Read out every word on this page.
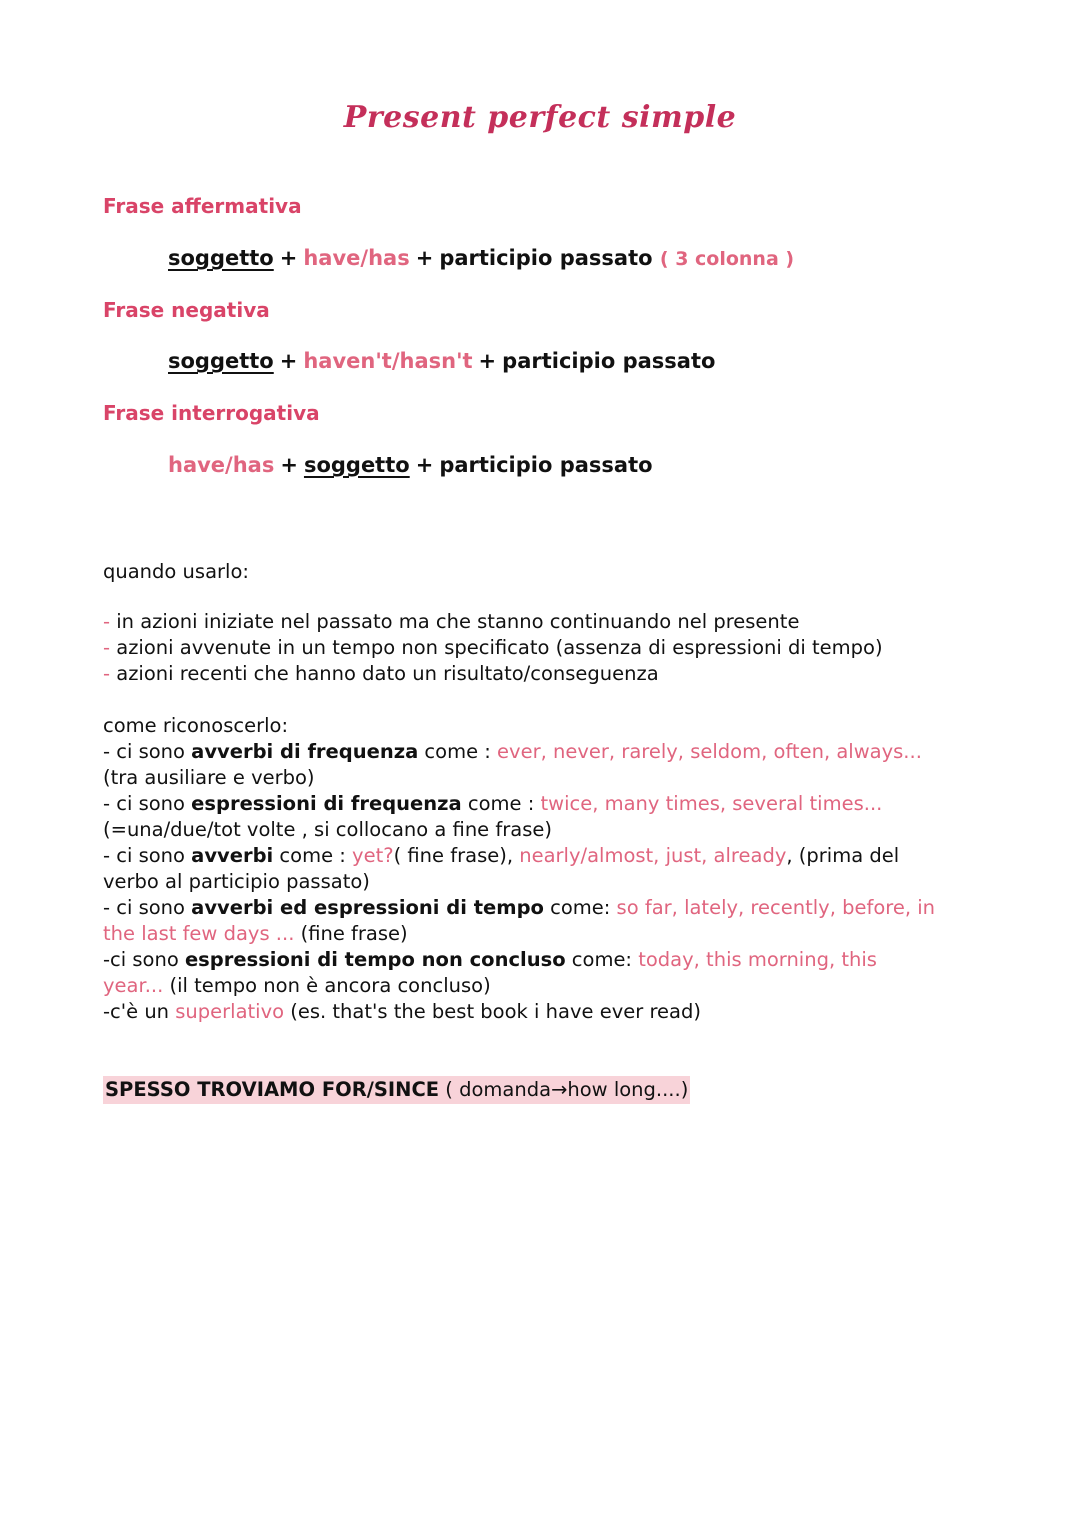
Present perfect simple
Frase affermativa
soggetto + have/has + participio passato ( 3 colonna )
Frase negativa
soggetto + haven't/hasn't + participio passato
Frase interrogativa
have/has + soggetto + participio passato
quando usarlo:
- in azioni iniziate nel passato ma che stanno continuando nel presente
- azioni avvenute in un tempo non specificato (assenza di espressioni di tempo)
- azioni recenti che hanno dato un risultato/conseguenza
come riconoscerlo:
- ci sono avverbi di frequenza come : ever, never, rarely, seldom, often, always...
(tra ausiliare e verbo)
- ci sono espressioni di frequenza come : twice, many times, several times...
(=una/due/tot volte , si collocano a fine frase)
- ci sono avverbi come : yet?( fine frase), nearly/almost, just, already, (prima del
verbo al participio passato)
- ci sono avverbi ed espressioni di tempo come: so far, lately, recently, before, in
the last few days ... (fine frase)
-ci sono espressioni di tempo non concluso come: today, this morning, this
year... (il tempo non è ancora concluso)
-c'è un superlativo (es. that's the best book i have ever read)
SPESSO TROVIAMO FOR/SINCE ( domanda→how long....)
